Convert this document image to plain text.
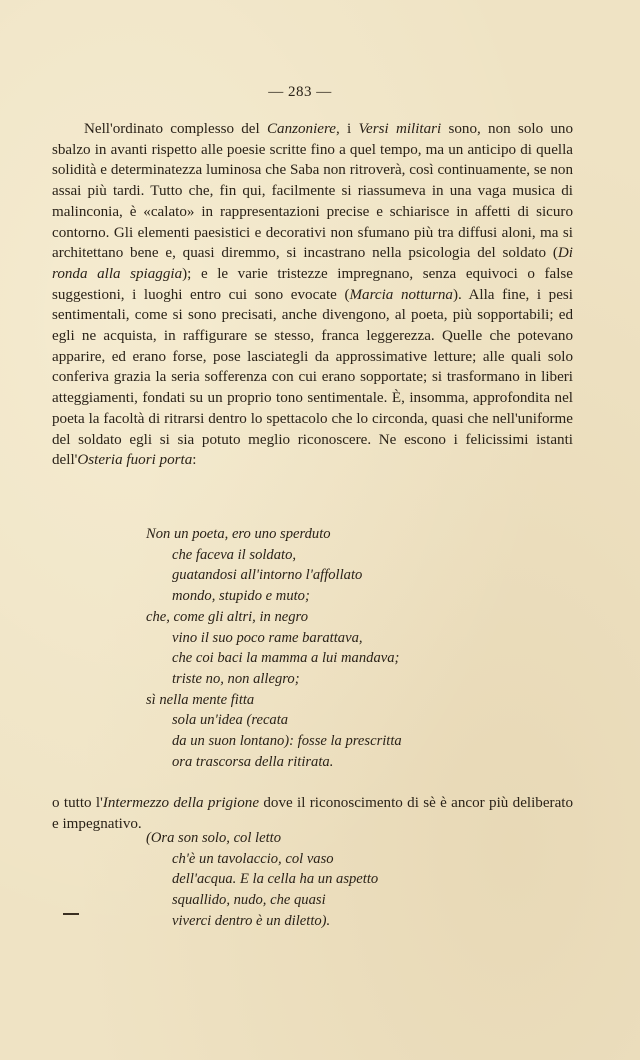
— 283 —

Nell'ordinato complesso del Canzoniere, i Versi militari sono, non solo uno sbalzo in avanti rispetto alle poesie scritte fino a quel tempo, ma un anticipo di quella solidità e determinatezza luminosa che Saba non ritroverà, così continuamente, se non assai più tardi. Tutto che, fin qui, facilmente si riassumeva in una vaga musica di malinconia, è «calato» in rappresentazioni precise e schiarisce in affetti di sicuro contorno. Gli elementi paesistici e decorativi non sfumano più tra diffusi aloni, ma si architettano bene e, quasi diremmo, si incastrano nella psicologia del soldato (Di ronda alla spiaggia); e le varie tristezze impregnano, senza equivoci o false suggestioni, i luoghi entro cui sono evocate (Marcia notturna). Alla fine, i pesi sentimentali, come si sono precisati, anche divengono, al poeta, più sopportabili; ed egli ne acquista, in raffigurare se stesso, franca leggerezza. Quelle che potevano apparire, ed erano forse, pose lasciategli da approssimative letture; alle quali solo conferiva grazia la seria sofferenza con cui erano sopportate; si trasformano in liberi atteggiamenti, fondati su un proprio tono sentimentale. È, insomma, approfondita nel poeta la facoltà di ritrarsi dentro lo spettacolo che lo circonda, quasi che nell'uniforme del soldato egli si sia potuto meglio riconoscere. Ne escono i felicissimi istanti dell'Osteria fuori porta:

Non un poeta, ero uno sperduto
che faceva il soldato,
guatandosi all'intorno l'affollato
mondo, stupido e muto;
che, come gli altri, in negro
vino il suo poco rame barattava,
che coi baci la mamma a lui mandava;
triste no, non allegro;
sì nella mente fitta
sola un'idea (recata
da un suon lontano): fosse la prescritta
ora trascorsa della ritirata.

o tutto l'Intermezzo della prigione dove il riconoscimento di sè è ancor più deliberato e impegnativo.

(Ora son solo, col letto
ch'è un tavolaccio, col vaso
dell'acqua. E la cella ha un aspetto
squallido, nudo, che quasi
viverci dentro è un diletto).
